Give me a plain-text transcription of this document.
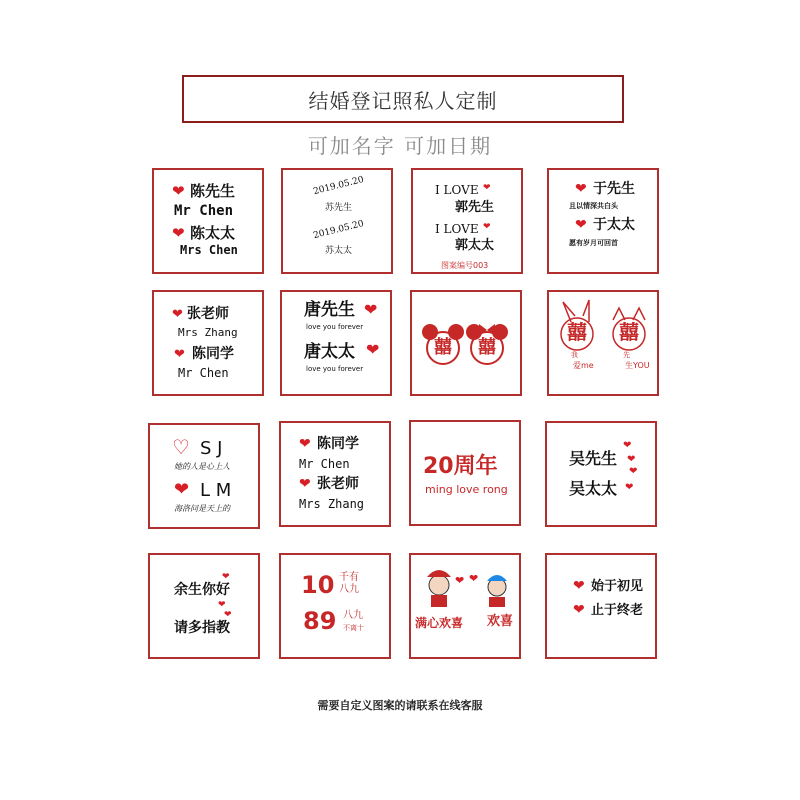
结婚登记照私人定制
可加名字 可加日期
❤ 陈先生
Mr Chen
❤ 陈太太
Mrs Chen
2019.05.20
苏先生
2019.05.20
苏太太
I LOVE ❤
郭先生
I LOVE ❤
郭太太
图案编号003
❤ 于先生
且以情深共白头
❤ 于太太
愿有岁月可回首
❤ 张老师
Mrs Zhang
❤ 陈同学
Mr Chen
唐先生 ❤
love you forever
唐太太 ❤
love you forever
囍 囍
囍
我
爱me
囍
先
生YOU
♡ S J
她的人是心上人
❤ L M
海洛问是天上的
❤ 陈同学
Mr Chen
❤ 张老师
Mrs Zhang
20周年
ming love rong
吴先生
❤
❤
吴太太
❤
❤
余生你好
❤
❤
❤
请多指教
10 千有
八九
89 八九
不离十
❤ ❤
满心欢喜 欢喜
❤ 始于初见
❤ 止于终老
需要自定义图案的请联系在线客服
